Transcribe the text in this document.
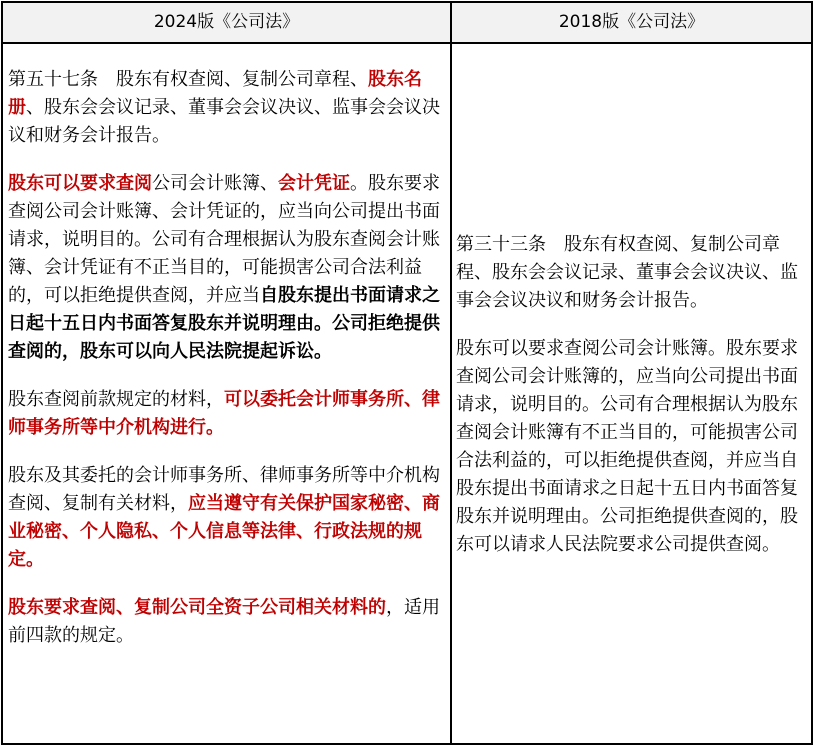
2024版《公司法》	2018版《公司法》

第五十七条　股东有权查阅、复制公司章程、股东名册、股东会会议记录、董事会会议决议、监事会会议决议和财务会计报告。

股东可以要求查阅公司会计账簿、会计凭证。股东要求查阅公司会计账簿、会计凭证的，应当向公司提出书面请求，说明目的。公司有合理根据认为股东查阅会计账簿、会计凭证有不正当目的，可能损害公司合法利益的，可以拒绝提供查阅，并应当自股东提出书面请求之日起十五日内书面答复股东并说明理由。公司拒绝提供查阅的，股东可以向人民法院提起诉讼。

股东查阅前款规定的材料，可以委托会计师事务所、律师事务所等中介机构进行。

股东及其委托的会计师事务所、律师事务所等中介机构查阅、复制有关材料，应当遵守有关保护国家秘密、商业秘密、个人隐私、个人信息等法律、行政法规的规定。

股东要求查阅、复制公司全资子公司相关材料的，适用前四款的规定。

第三十三条　股东有权查阅、复制公司章程、股东会会议记录、董事会会议决议、监事会会议决议和财务会计报告。

股东可以要求查阅公司会计账簿。股东要求查阅公司会计账簿的，应当向公司提出书面请求，说明目的。公司有合理根据认为股东查阅会计账簿有不正当目的，可能损害公司合法利益的，可以拒绝提供查阅，并应当自股东提出书面请求之日起十五日内书面答复股东并说明理由。公司拒绝提供查阅的，股东可以请求人民法院要求公司提供查阅。
